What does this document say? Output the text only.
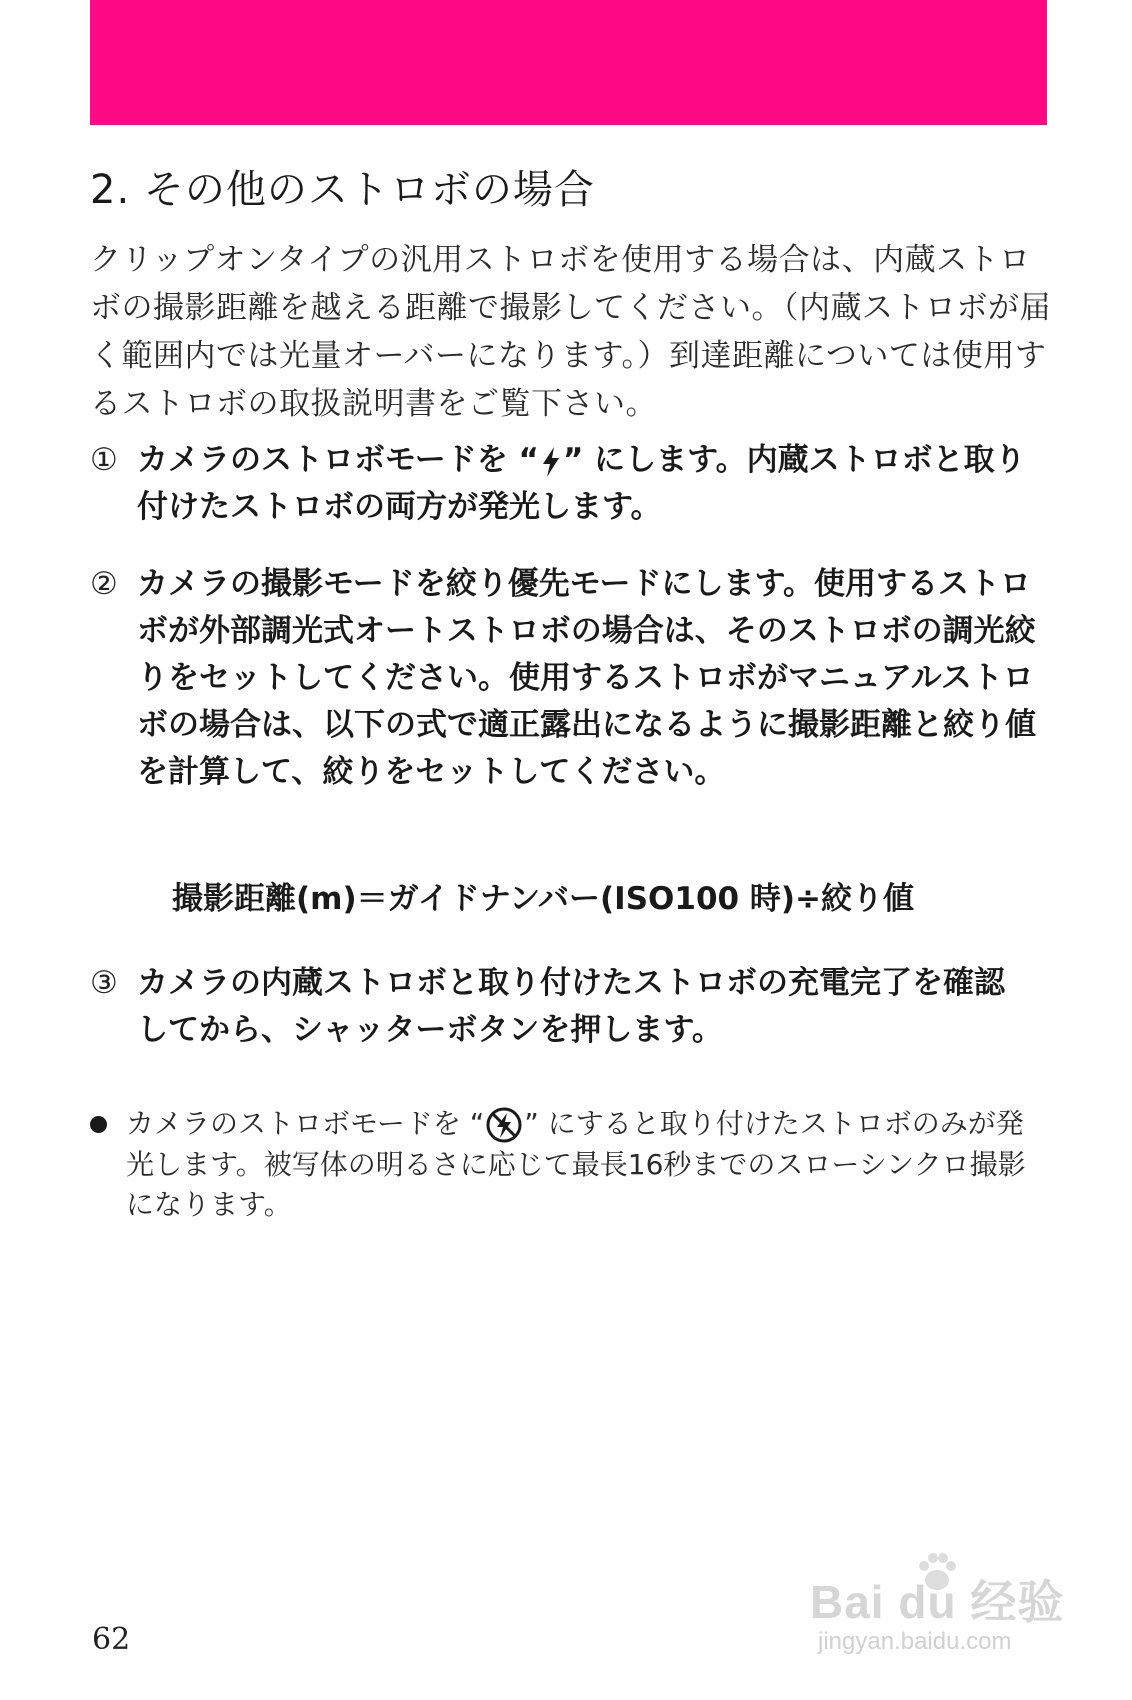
2. その他のストロボの場合
クリップオンタイプの汎用ストロボを使用する場合は、内蔵ストロ
ボの撮影距離を越える距離で撮影してください。（内蔵ストロボが届
く範囲内では光量オーバーになります。）到達距離については使用す
るストロボの取扱説明書をご覧下さい。
① カメラのストロボモードを “ ” にします。内蔵ストロボと取り
付けたストロボの両方が発光します。
② カメラの撮影モードを絞り優先モードにします。使用するストロ
ボが外部調光式オートストロボの場合は、そのストロボの調光絞
りをセットしてください。使用するストロボがマニュアルストロ
ボの場合は、以下の式で適正露出になるように撮影距離と絞り値
を計算して、絞りをセットしてください。
撮影距離(m)＝ガイドナンバー(ISO100 時)÷絞り値
③ カメラの内蔵ストロボと取り付けたストロボの充電完了を確認
してから、シャッターボタンを押します。
カメラのストロボモードを “ ” にすると取り付けたストロボのみが発
光します。被写体の明るさに応じて最長16秒までのスローシンクロ撮影
になります。
62
Bai du 经验
jingyan.baidu.com
